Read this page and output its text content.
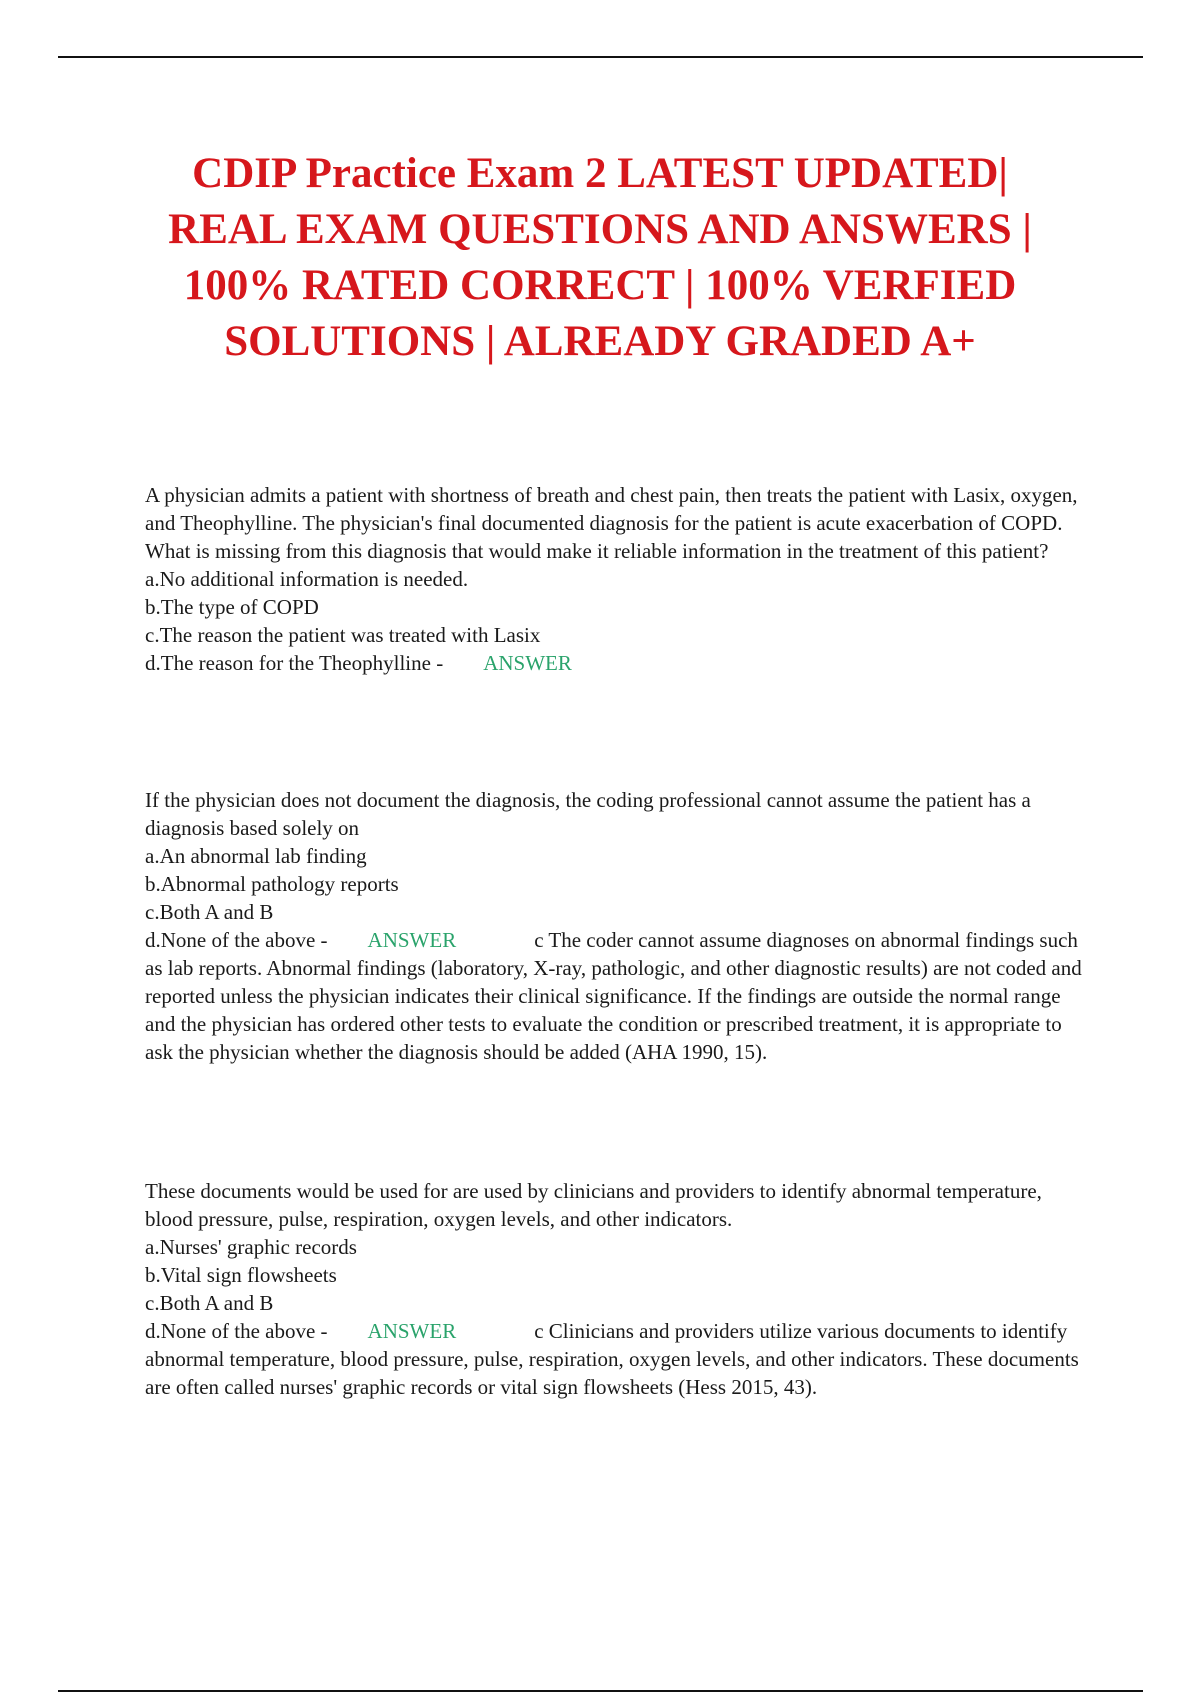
CDIP Practice Exam 2 LATEST UPDATED| REAL EXAM QUESTIONS AND ANSWERS | 100% RATED CORRECT | 100% VERFIED SOLUTIONS | ALREADY GRADED A+

A physician admits a patient with shortness of breath and chest pain, then treats the patient with Lasix, oxygen, and Theophylline. The physician's final documented diagnosis for the patient is acute exacerbation of COPD. What is missing from this diagnosis that would make it reliable information in the treatment of this patient?

a.No additional information is needed.

b.The type of COPD

c.The reason the patient was treated with Lasix

d.The reason for the Theophylline - ANSWER

If the physician does not document the diagnosis, the coding professional cannot assume the patient has a diagnosis based solely on

a.An abnormal lab finding

b.Abnormal pathology reports

c.Both A and B

d.None of the above - ANSWER	c The coder cannot assume diagnoses on abnormal findings such as lab reports. Abnormal findings (laboratory, X-ray, pathologic, and other diagnostic results) are not coded and reported unless the physician indicates their clinical significance. If the findings are outside the normal range and the physician has ordered other tests to evaluate the condition or prescribed treatment, it is appropriate to ask the physician whether the diagnosis should be added (AHA 1990, 15).

These documents would be used for are used by clinicians and providers to identify abnormal temperature, blood pressure, pulse, respiration, oxygen levels, and other indicators.

a.Nurses' graphic records

b.Vital sign flowsheets

c.Both A and B

d.None of the above - ANSWER	c Clinicians and providers utilize various documents to identify abnormal temperature, blood pressure, pulse, respiration, oxygen levels, and other indicators. These documents are often called nurses' graphic records or vital sign flowsheets (Hess 2015, 43).
